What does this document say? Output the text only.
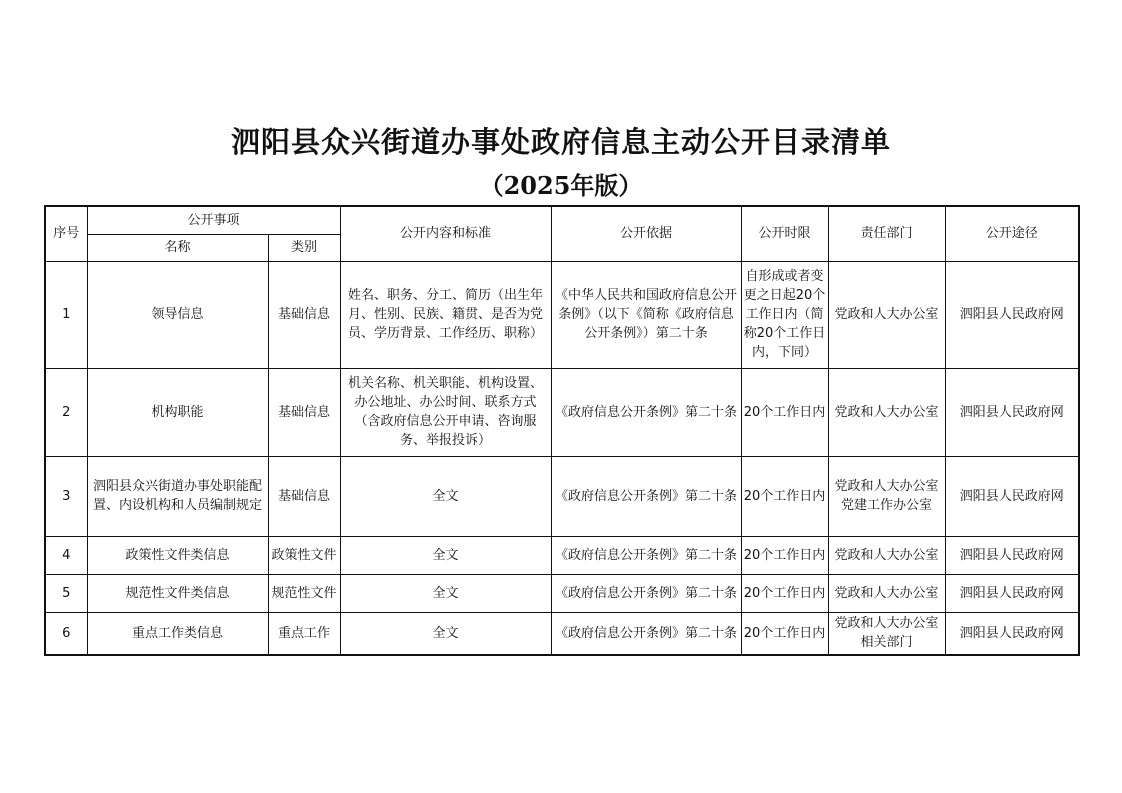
泗阳县众兴街道办事处政府信息主动公开目录清单
（2025年版）
序号	公开事项		公开内容和标准	公开依据	公开时限	责任部门	公开途径
	名称	类别					
1	领导信息	基础信息	姓名、职务、分工、简历（出生年月、性别、民族、籍贯、是否为党员、学历背景、工作经历、职称）	《中华人民共和国政府信息公开条例》（以下《简称《政府信息公开条例》）第二十条	自形成或者变更之日起20个工作日内（简称20个工作日内，下同）	党政和人大办公室	泗阳县人民政府网
2	机构职能	基础信息	机关名称、机关职能、机构设置、办公地址、办公时间、联系方式（含政府信息公开申请、咨询服务、举报投诉）	《政府信息公开条例》第二十条	20个工作日内	党政和人大办公室	泗阳县人民政府网
3	泗阳县众兴街道办事处职能配置、内设机构和人员编制规定	基础信息	全文	《政府信息公开条例》第二十条	20个工作日内	党政和人大办公室党建工作办公室	泗阳县人民政府网
4	政策性文件类信息	政策性文件	全文	《政府信息公开条例》第二十条	20个工作日内	党政和人大办公室	泗阳县人民政府网
5	规范性文件类信息	规范性文件	全文	《政府信息公开条例》第二十条	20个工作日内	党政和人大办公室	泗阳县人民政府网
6	重点工作类信息	重点工作	全文	《政府信息公开条例》第二十条	20个工作日内	党政和人大办公室相关部门	泗阳县人民政府网
